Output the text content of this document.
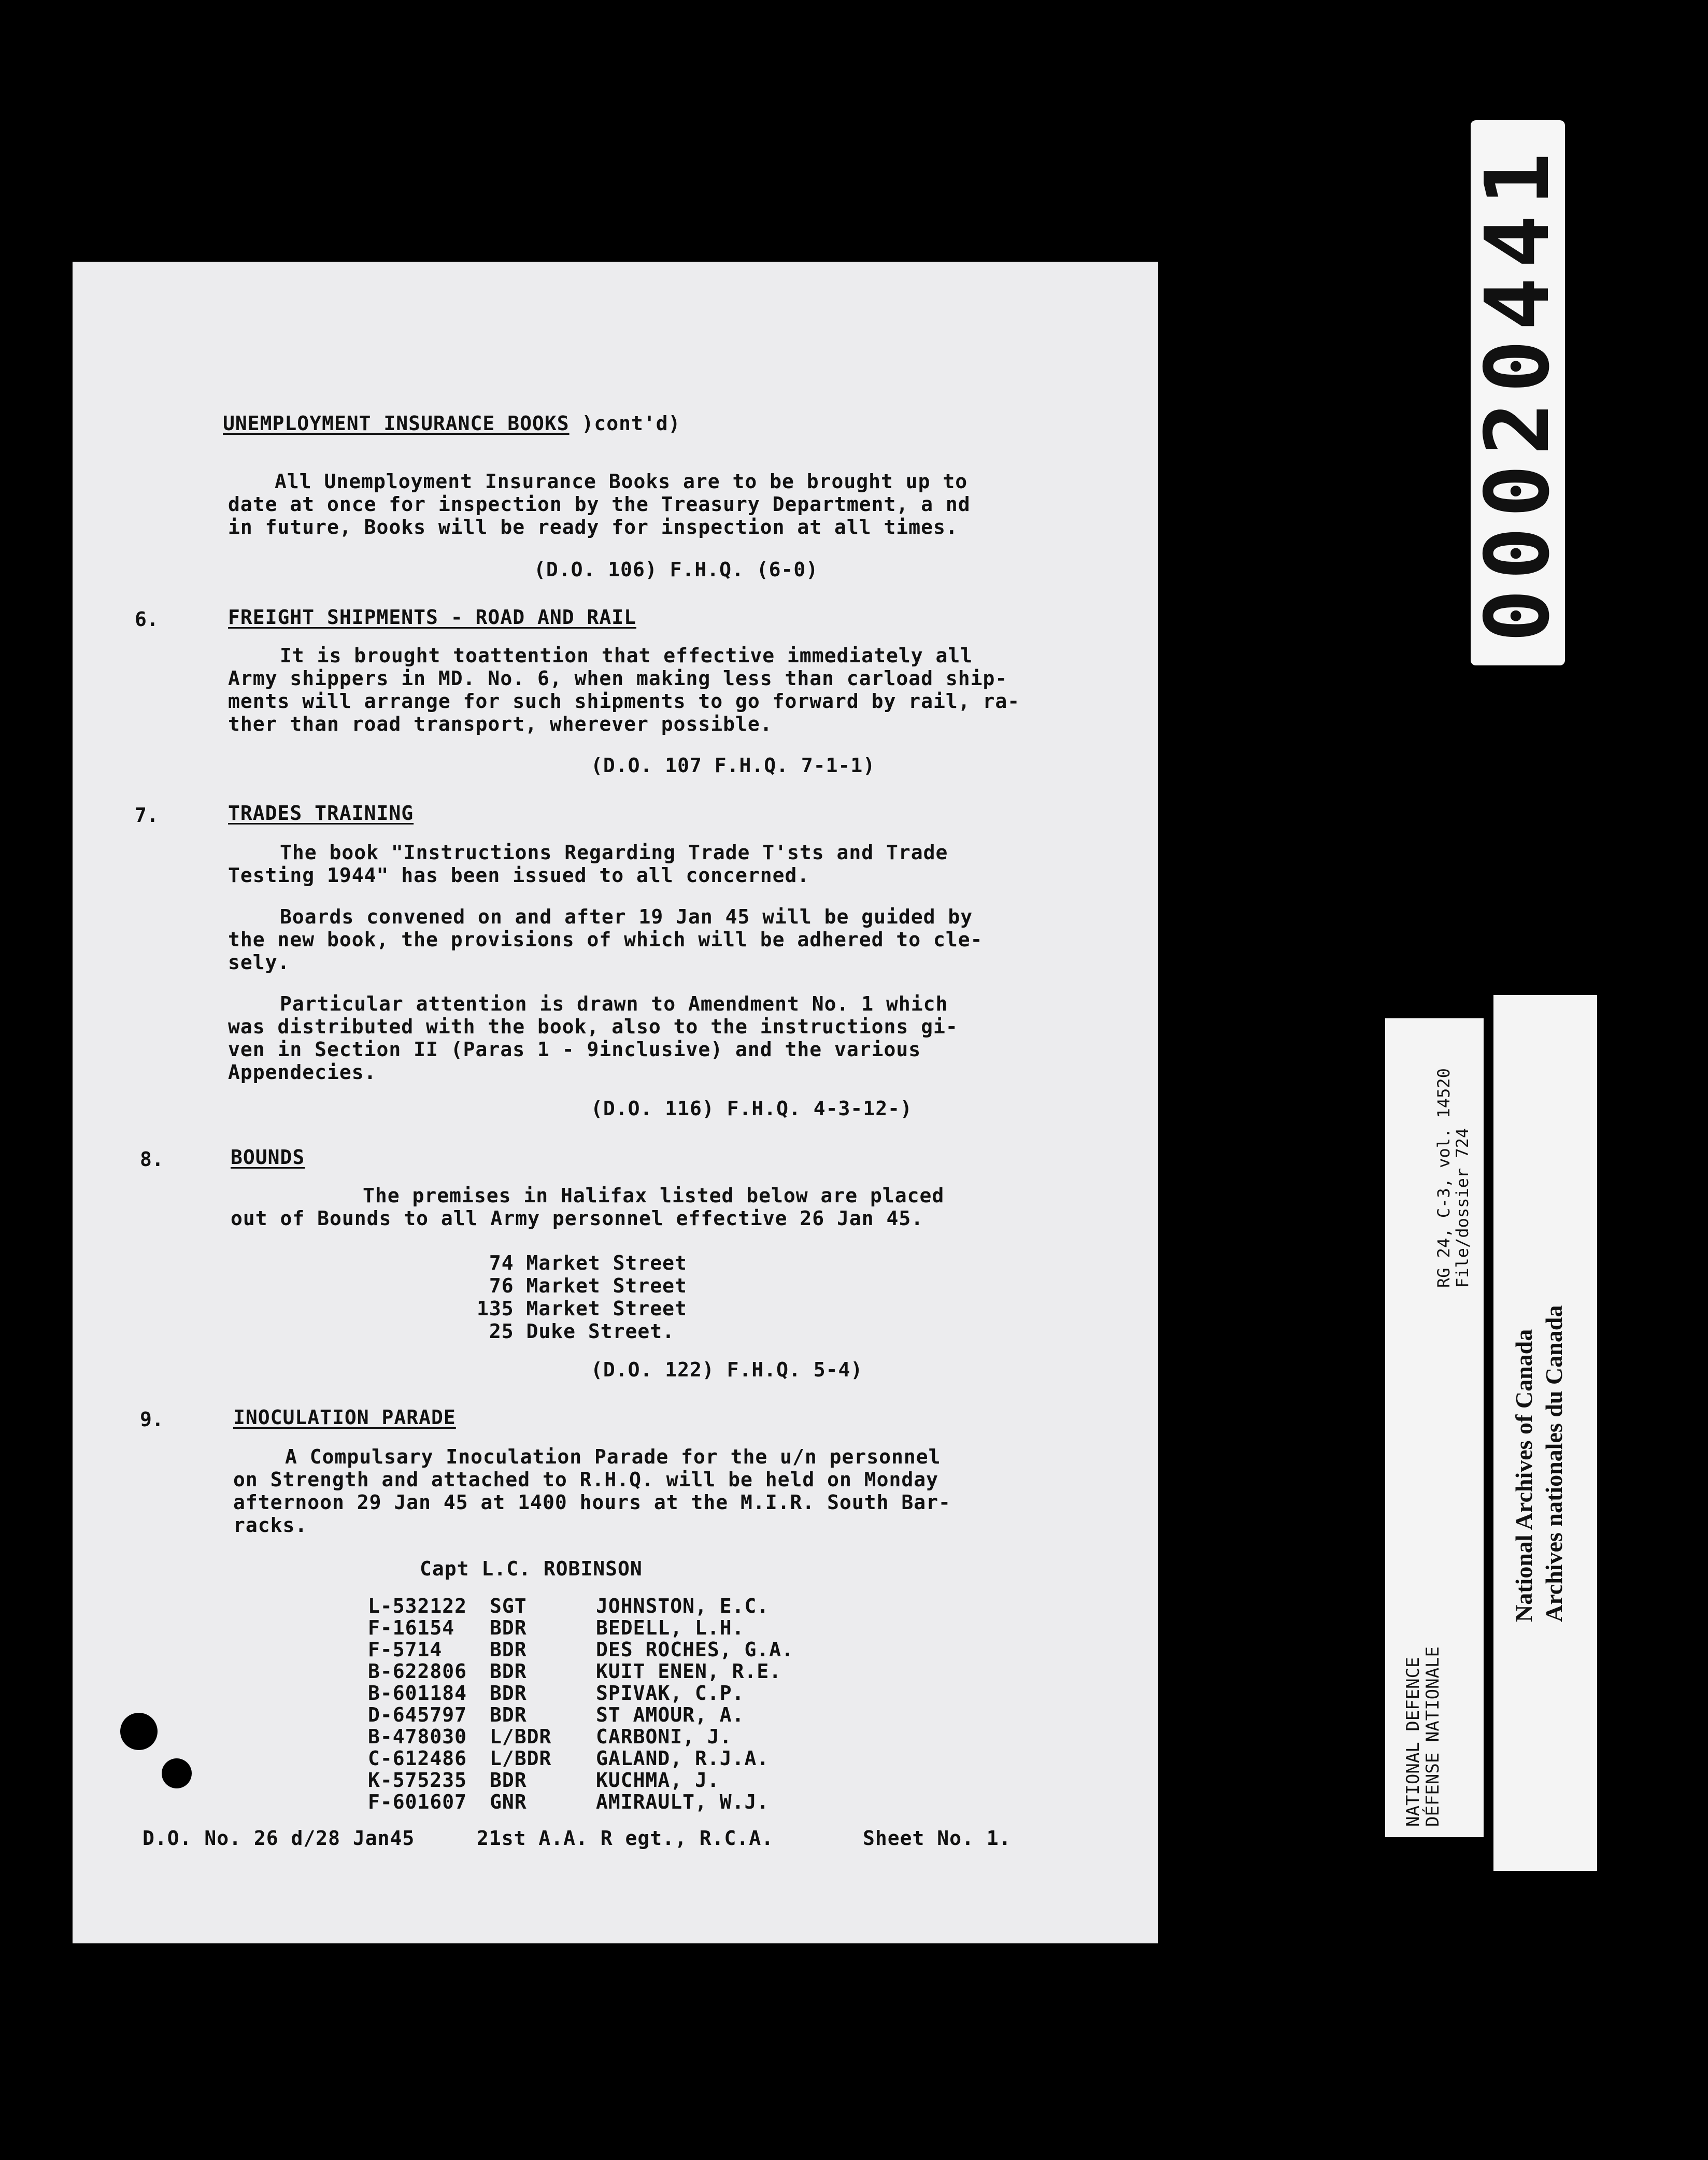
UNEMPLOYMENT INSURANCE BOOKS )cont'd)
All Unemployment Insurance Books are to be brought up to
date at once for inspection by the Treasury Department, a nd
in future, Books will be ready for inspection at all times.
(D.O. 106) F.H.Q. (6-0)
6.	FREIGHT SHIPMENTS - ROAD AND RAIL
It is brought toattention that effective immediately all
Army shippers in MD. No. 6, when making less than carload ship-
ments will arrange for such shipments to go forward by rail, ra-
ther than road transport, wherever possible.
(D.O. 107 F.H.Q. 7-1-1)
7.	TRADES TRAINING
The book "Instructions Regarding Trade T'sts and Trade
Testing 1944" has been issued to all concerned.
Boards convened on and after 19 Jan 45 will be guided by
the new book, the provisions of which will be adhered to cle-
sely.
Particular attention is drawn to Amendment No. 1 which
was distributed with the book, also to the instructions gi-
ven in Section II (Paras 1 - 9inclusive) and the various
Appendecies.
(D.O. 116) F.H.Q. 4-3-12-)
8.	BOUNDS
The premises in Halifax listed below are placed
out of Bounds to all Army personnel effective 26 Jan 45.
74 Market Street
76 Market Street
135 Market Street
25 Duke Street.
(D.O. 122) F.H.Q. 5-4)
9.	INOCULATION PARADE
A Compulsary Inoculation Parade for the u/n personnel
on Strength and attached to R.H.Q. will be held on Monday
afternoon 29 Jan 45 at 1400 hours at the M.I.R. South Bar-
racks.
Capt L.C. ROBINSON
L-532122 SGT	JOHNSTON, E.C.
F-16154 BDR	BEDELL, L.H.
F-5714 BDR	DES ROCHES, G.A.
B-622806 BDR	KUIT ENEN, R.E.
B-601184 BDR	SPIVAK, C.P.
D-645797 BDR	ST AMOUR, A.
B-478030 L/BDR CARBONI, J.
C-612486 L/BDR GALAND, R.J.A.
K-575235 BDR	KUCHMA, J.
F-601607 GNR	AMIRAULT, W.J.
D.O. No. 26 d/28 Jan45	21st A.A. R egt., R.C.A.	Sheet No. 1.
00020441
NATIONAL DEFENCE
DÉFENSE NATIONALE
RG 24, C-3, vol. 14520
File/dossier 724
National Archives of Canada Archives nationales du Canada
